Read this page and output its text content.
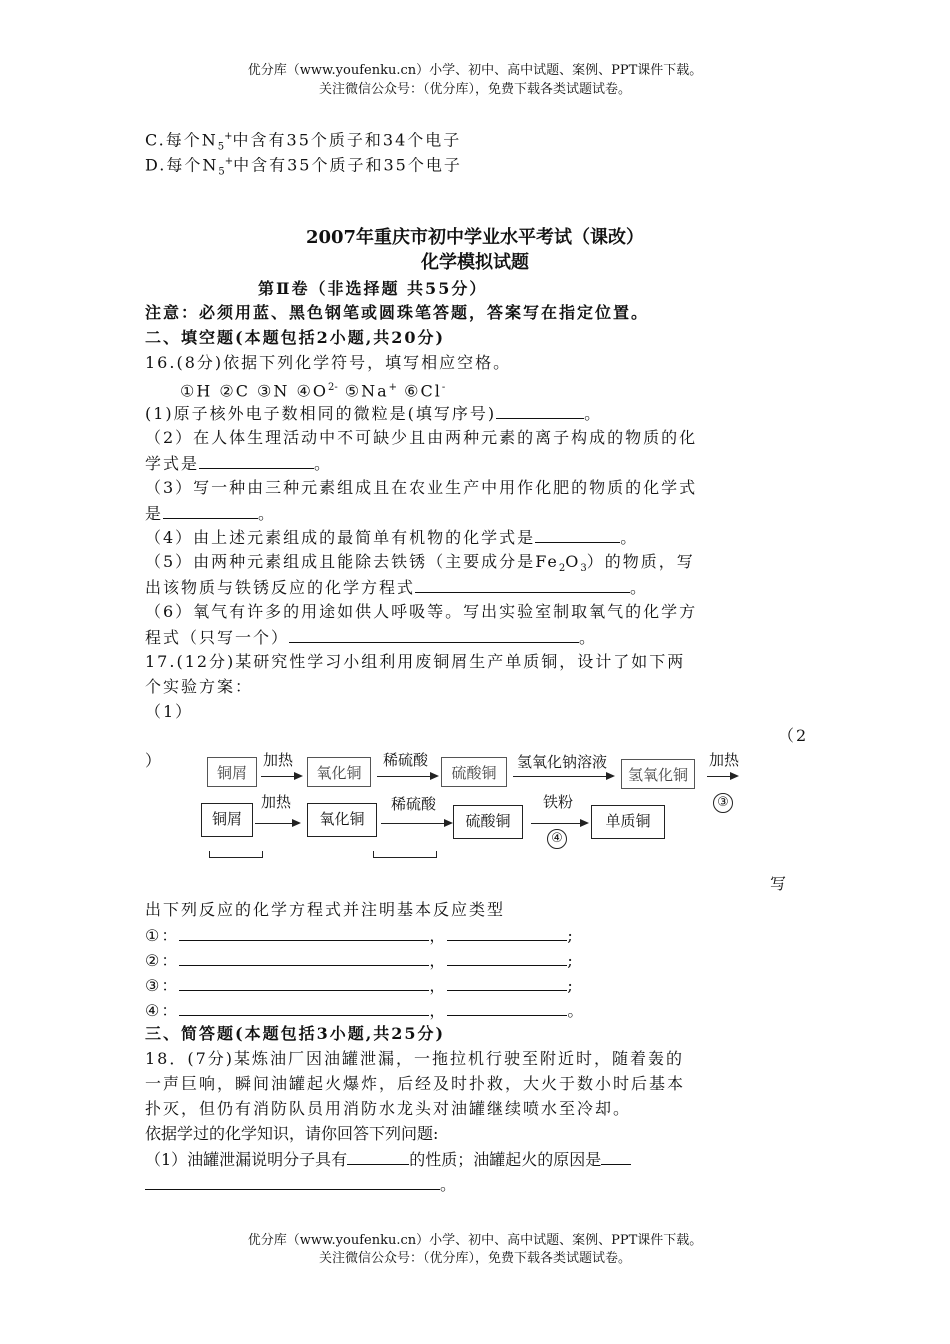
优分库（www.youfenku.cn）小学、初中、高中试题、案例、PPT课件下载。
关注微信公众号：（优分库），免费下载各类试题试卷。
C.每个$N_5^+$中含有35个质子和34个电子
D.每个$N_5^+$中含有35个质子和35个电子
2007年重庆市初中学业水平考试（课改）
化学模拟试题
第Ⅱ卷（非选择题 共55分）
注意：必须用蓝、黑色钢笔或圆珠笔答题，答案写在指定位置。
二、填空题(本题包括2小题,共20分)
16.(8分)依据下列化学符号，填写相应空格。
①H ②C ③N $④O^{2-}$ ⑤Na+ ⑥Cl-
(1)原子核外电子数相同的微粒是(填写序号)	。
（2）在人体生理活动中不可缺少且由两种元素的离子构成的物质的化
学式是	。
（3）写一种由三种元素组成且在农业生产中用作化肥的物质的化学式
是	。
（4）由上述元素组成的最简单有机物的化学式是	。
（5）由两种元素组成且能除去铁锈（主要成分是$Fe_2O_3$）的物质，写
出该物质与铁锈反应的化学方程式	。
（6）氧气有许多的用途如供人呼吸等。写出实验室制取氧气的化学方
程式（只写一个）	。
17.(12分)某研究性学习小组利用废铜屑生产单质铜，设计了如下两
个实验方案：
（1）
（2
）
铜屑
加热
氧化铜
稀硫酸
硫酸铜
氢氧化钠溶液
氢氧化铜
加热
③
铜屑
加热
氧化铜
稀硫酸
硫酸铜
铁粉
④
单质铜
写
出下列反应的化学方程式并注明基本反应类型
①：	，	;
②：	，	;
③：	，	;
④：	，	。
三、简答题(本题包括3小题,共25分)
18．(7分)某炼油厂因油罐泄漏，一拖拉机行驶至附近时，随着轰的
一声巨响，瞬间油罐起火爆炸，后经及时扑救，大火于数小时后基本
扑灭，但仍有消防队员用消防水龙头对油罐继续喷水至冷却。
依据学过的化学知识，请你回答下列问题:
（1）油罐泄漏说明分子具有	的性质；油罐起火的原因是
。
优分库（www.youfenku.cn）小学、初中、高中试题、案例、PPT课件下载。
关注微信公众号：（优分库），免费下载各类试题试卷。
